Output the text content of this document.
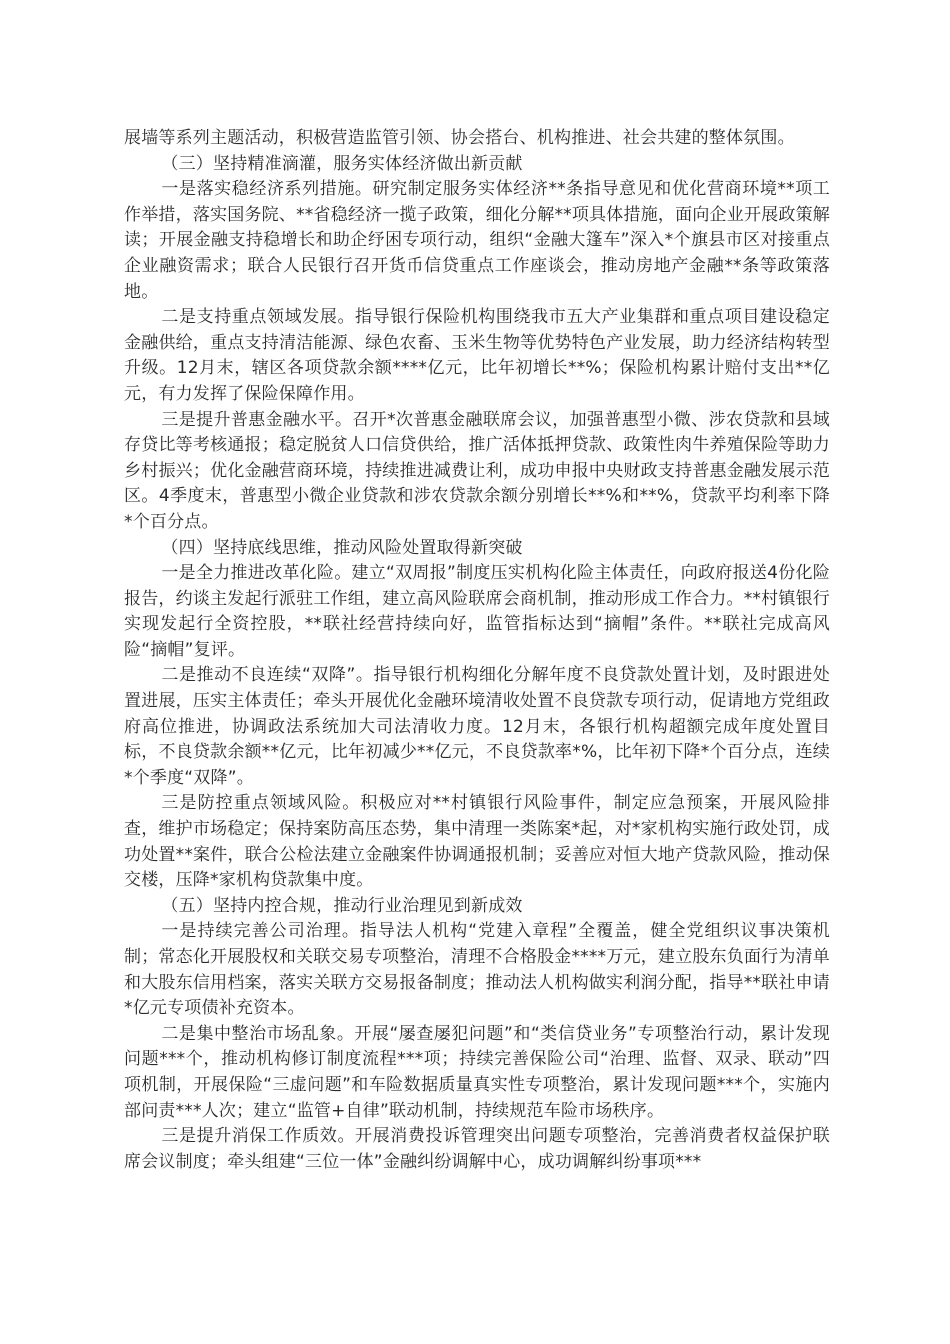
展墙等系列主题活动，积极营造监管引领、协会搭台、机构推进、社会共建的整体氛围。

（三）坚持精准滴灌，服务实体经济做出新贡献

一是落实稳经济系列措施。研究制定服务实体经济**条指导意见和优化营商环境**项工作举措，落实国务院、**省稳经济一揽子政策，细化分解**项具体措施，面向企业开展政策解读；开展金融支持稳增长和助企纾困专项行动，组织“金融大篷车”深入*个旗县市区对接重点企业融资需求；联合人民银行召开货币信贷重点工作座谈会，推动房地产金融**条等政策落地。

二是支持重点领域发展。指导银行保险机构围绕我市五大产业集群和重点项目建设稳定金融供给，重点支持清洁能源、绿色农畜、玉米生物等优势特色产业发展，助力经济结构转型升级。12月末，辖区各项贷款余额****亿元，比年初增长**%；保险机构累计赔付支出**亿元，有力发挥了保险保障作用。

三是提升普惠金融水平。召开*次普惠金融联席会议，加强普惠型小微、涉农贷款和县域存贷比等考核通报；稳定脱贫人口信贷供给，推广活体抵押贷款、政策性肉牛养殖保险等助力乡村振兴；优化金融营商环境，持续推进减费让利，成功申报中央财政支持普惠金融发展示范区。4季度末，普惠型小微企业贷款和涉农贷款余额分别增长**%和**%，贷款平均利率下降*个百分点。

（四）坚持底线思维，推动风险处置取得新突破

一是全力推进改革化险。建立“双周报”制度压实机构化险主体责任，向政府报送4份化险报告，约谈主发起行派驻工作组，建立高风险联席会商机制，推动形成工作合力。**村镇银行实现发起行全资控股，**联社经营持续向好，监管指标达到“摘帽”条件。**联社完成高风险“摘帽”复评。

二是推动不良连续“双降”。指导银行机构细化分解年度不良贷款处置计划，及时跟进处置进展，压实主体责任；牵头开展优化金融环境清收处置不良贷款专项行动，促请地方党组政府高位推进，协调政法系统加大司法清收力度。12月末，各银行机构超额完成年度处置目标，不良贷款余额**亿元，比年初减少**亿元，不良贷款率*%，比年初下降*个百分点，连续*个季度“双降”。

三是防控重点领域风险。积极应对**村镇银行风险事件，制定应急预案，开展风险排查，维护市场稳定；保持案防高压态势，集中清理一类陈案*起，对*家机构实施行政处罚，成功处置**案件，联合公检法建立金融案件协调通报机制；妥善应对恒大地产贷款风险，推动保交楼，压降*家机构贷款集中度。

（五）坚持内控合规，推动行业治理见到新成效

一是持续完善公司治理。指导法人机构“党建入章程”全覆盖，健全党组织议事决策机制；常态化开展股权和关联交易专项整治，清理不合格股金****万元，建立股东负面行为清单和大股东信用档案，落实关联方交易报备制度；推动法人机构做实利润分配，指导**联社申请*亿元专项债补充资本。

二是集中整治市场乱象。开展“屡查屡犯问题”和“类信贷业务”专项整治行动，累计发现问题***个，推动机构修订制度流程***项；持续完善保险公司“治理、监督、双录、联动”四项机制，开展保险“三虚问题”和车险数据质量真实性专项整治，累计发现问题***个，实施内部问责***人次；建立“监管+自律”联动机制，持续规范车险市场秩序。

三是提升消保工作质效。开展消费投诉管理突出问题专项整治，完善消费者权益保护联席会议制度；牵头组建“三位一体”金融纠纷调解中心，成功调解纠纷事项***
